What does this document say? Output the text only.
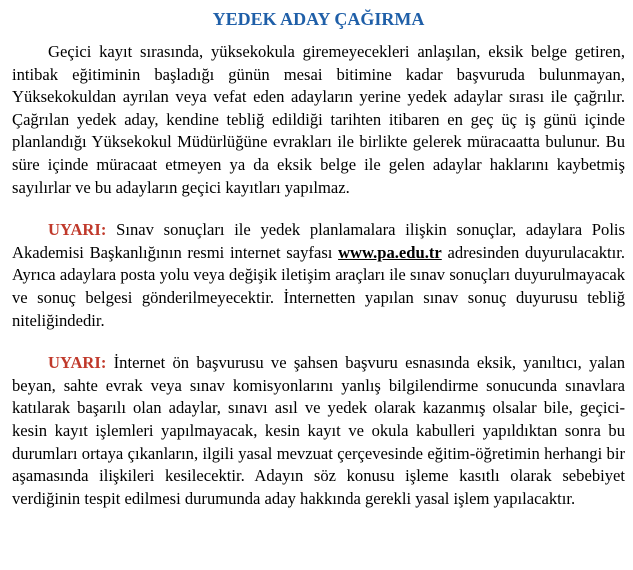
YEDEK ADAY ÇAĞIRMA

Geçici kayıt sırasında, yüksekokula giremeyecekleri anlaşılan, eksik belge getiren, intibak eğitiminin başladığı günün mesai bitimine kadar başvuruda bulunmayan, Yüksekokuldan ayrılan veya vefat eden adayların yerine yedek adaylar sırası ile çağrılır. Çağrılan yedek aday, kendine tebliğ edildiği tarihten itibaren en geç üç iş günü içinde planlandığı Yüksekokul Müdürlüğüne evrakları ile birlikte gelerek müracaatta bulunur. Bu süre içinde müracaat etmeyen ya da eksik belge ile gelen adaylar haklarını kaybetmiş sayılırlar ve bu adayların geçici kayıtları yapılmaz.

UYARI: Sınav sonuçları ile yedek planlamalara ilişkin sonuçlar, adaylara Polis Akademisi Başkanlığının resmi internet sayfası www.pa.edu.tr adresinden duyurulacaktır. Ayrıca adaylara posta yolu veya değişik iletişim araçları ile sınav sonuçları duyurulmayacak ve sonuç belgesi gönderilmeyecektir. İnternetten yapılan sınav sonuç duyurusu tebliğ niteliğindedir.

UYARI: İnternet ön başvurusu ve şahsen başvuru esnasında eksik, yanıltıcı, yalan beyan, sahte evrak veya sınav komisyonlarını yanlış bilgilendirme sonucunda sınavlara katılarak başarılı olan adaylar, sınavı asıl ve yedek olarak kazanmış olsalar bile, geçici-kesin kayıt işlemleri yapılmayacak, kesin kayıt ve okula kabulleri yapıldıktan sonra bu durumları ortaya çıkanların, ilgili yasal mevzuat çerçevesinde eğitim-öğretimin herhangi bir aşamasında ilişkileri kesilecektir. Adayın söz konusu işleme kasıtlı olarak sebebiyet verdiğinin tespit edilmesi durumunda aday hakkında gerekli yasal işlem yapılacaktır.
